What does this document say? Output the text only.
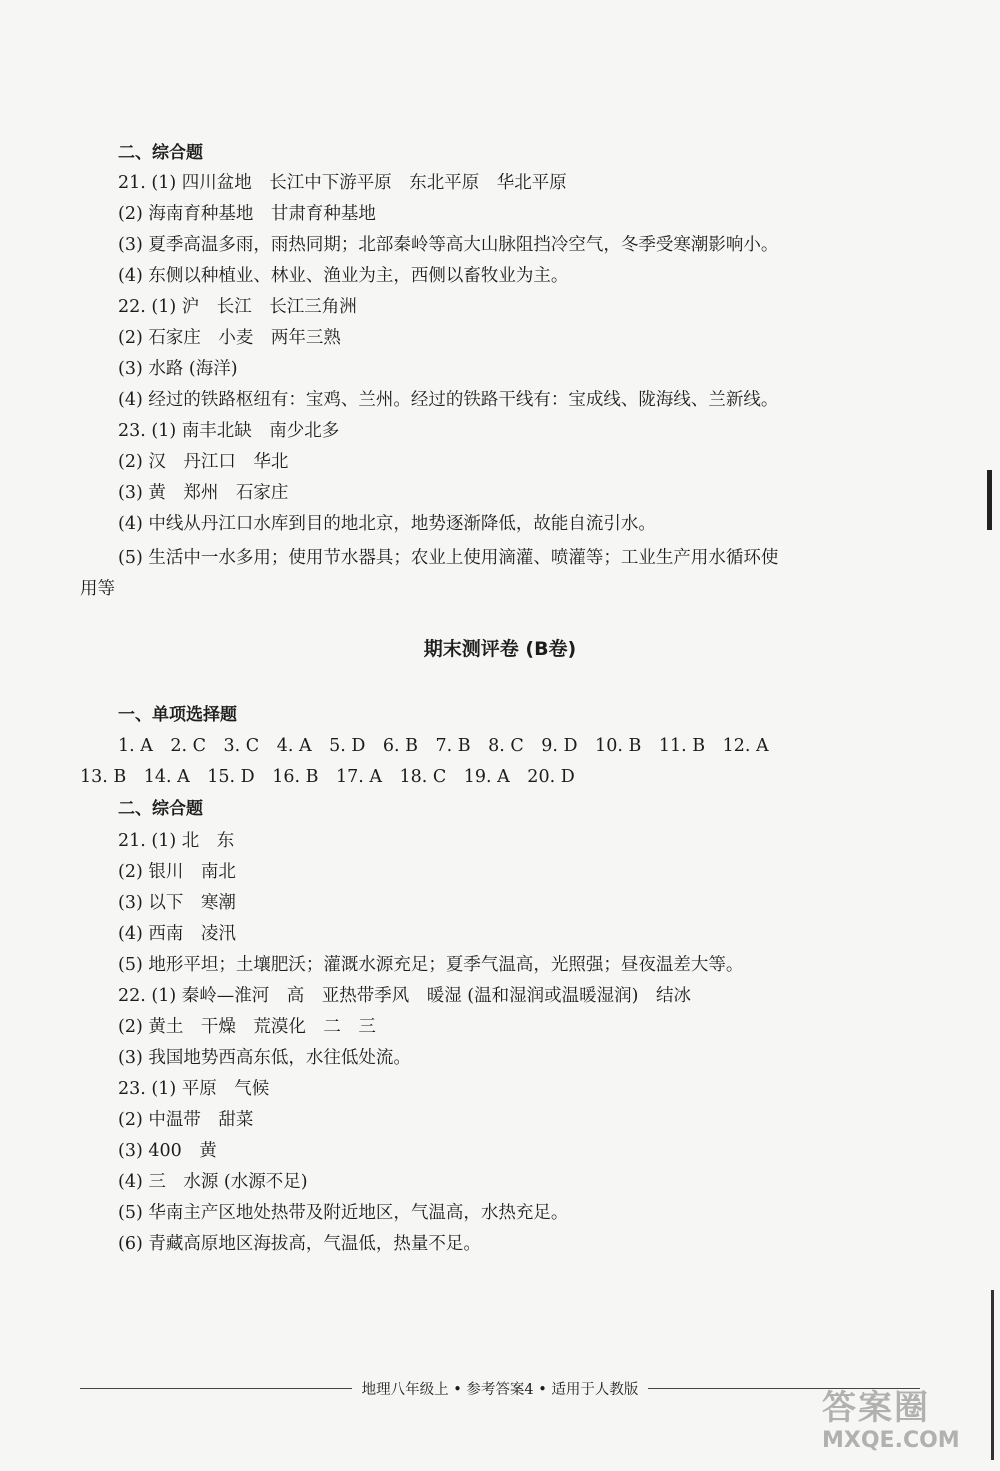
二、综合题
21. (1) 四川盆地　长江中下游平原　东北平原　华北平原
(2) 海南育种基地　甘肃育种基地
(3) 夏季高温多雨，雨热同期；北部秦岭等高大山脉阻挡冷空气，冬季受寒潮影响小。
(4) 东侧以种植业、林业、渔业为主，西侧以畜牧业为主。
22. (1) 沪　长江　长江三角洲
(2) 石家庄　小麦　两年三熟
(3) 水路 (海洋)
(4) 经过的铁路枢纽有：宝鸡、兰州。经过的铁路干线有：宝成线、陇海线、兰新线。
23. (1) 南丰北缺　南少北多
(2) 汉　丹江口　华北
(3) 黄　郑州　石家庄
(4) 中线从丹江口水库到目的地北京，地势逐渐降低，故能自流引水。
(5) 生活中一水多用；使用节水器具；农业上使用滴灌、喷灌等；工业生产用水循环使
用等
期末测评卷 (B卷)
一、单项选择题
1. A　2. C　3. C　4. A　5. D　6. B　7. B　8. C　9. D　10. B　11. B　12. A
13. B　14. A　15. D　16. B　17. A　18. C　19. A　20. D
二、综合题
21. (1) 北　东
(2) 银川　南北
(3) 以下　寒潮
(4) 西南　凌汛
(5) 地形平坦；土壤肥沃；灌溉水源充足；夏季气温高，光照强；昼夜温差大等。
22. (1) 秦岭—淮河　高　亚热带季风　暖湿 (温和湿润或温暖湿润)　结冰
(2) 黄土　干燥　荒漠化　二　三
(3) 我国地势西高东低，水往低处流。
23. (1) 平原　气候
(2) 中温带　甜菜
(3) 400　黄
(4) 三　水源 (水源不足)
(5) 华南主产区地处热带及附近地区，气温高，水热充足。
(6) 青藏高原地区海拔高，气温低，热量不足。
地理八年级上 • 参考答案4 • 适用于人教版	答案圈
MXQE.COM
